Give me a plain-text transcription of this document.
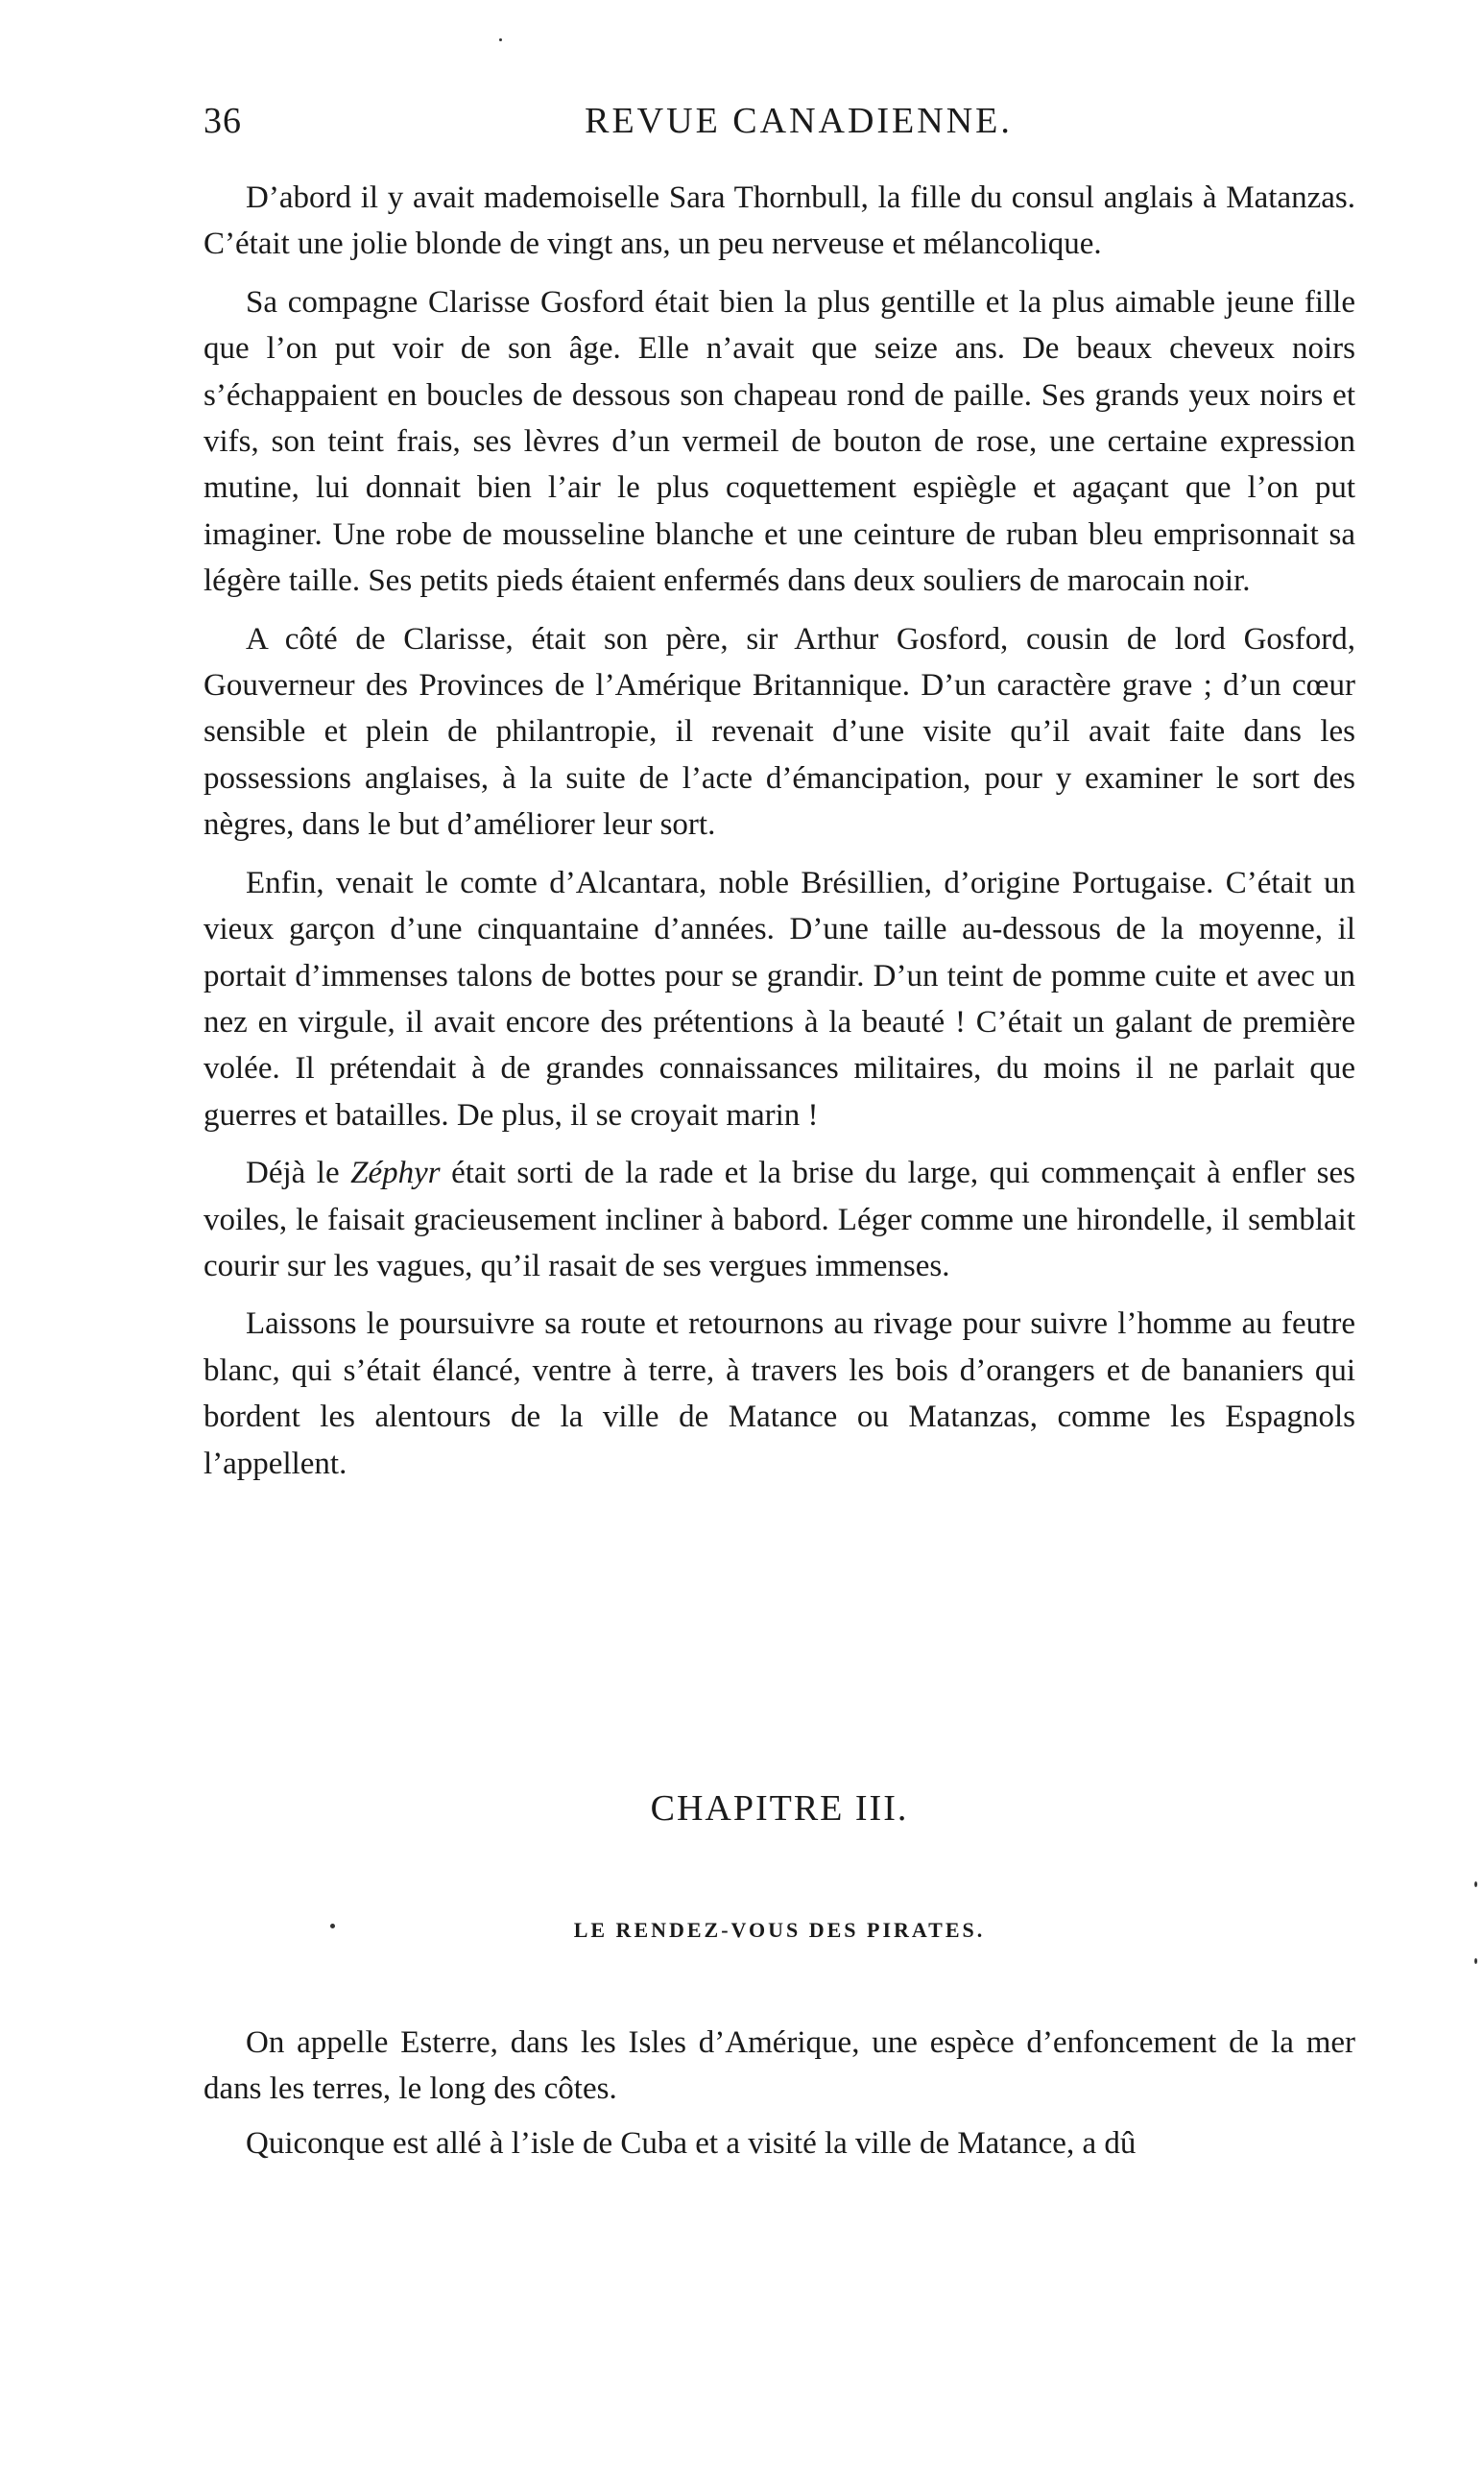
36	REVUE CANADIENNE.

D’abord il y avait mademoiselle Sara Thornbull, la fille du consul anglais à Matanzas. C’était une jolie blonde de vingt ans, un peu nerveuse et mélancolique.

Sa compagne Clarisse Gosford était bien la plus gentille et la plus aimable jeune fille que l’on put voir de son âge. Elle n’avait que seize ans. De beaux cheveux noirs s’échappaient en boucles de dessous son chapeau rond de paille. Ses grands yeux noirs et vifs, son teint frais, ses lèvres d’un vermeil de bouton de rose, une certaine expression mutine, lui donnait bien l’air le plus coquettement espiègle et agaçant que l’on put imaginer. Une robe de mousseline blanche et une ceinture de ruban bleu emprisonnait sa légère taille. Ses petits pieds étaient enfermés dans deux souliers de marocain noir.

A côté de Clarisse, était son père, sir Arthur Gosford, cousin de lord Gosford, Gouverneur des Provinces de l’Amérique Britannique. D’un caractère grave ; d’un cœur sensible et plein de philantropie, il revenait d’une visite qu’il avait faite dans les possessions anglaises, à la suite de l’acte d’émancipation, pour y examiner le sort des nègres, dans le but d’améliorer leur sort.

Enfin, venait le comte d’Alcantara, noble Brésillien, d’origine Portugaise. C’était un vieux garçon d’une cinquantaine d’années. D’une taille au-dessous de la moyenne, il portait d’immenses talons de bottes pour se grandir. D’un teint de pomme cuite et avec un nez en virgule, il avait encore des prétentions à la beauté ! C’était un galant de première volée. Il prétendait à de grandes connaissances militaires, du moins il ne parlait que guerres et batailles. De plus, il se croyait marin !

Déjà le Zéphyr était sorti de la rade et la brise du large, qui commençait à enfler ses voiles, le faisait gracieusement incliner à babord. Léger comme une hirondelle, il semblait courir sur les vagues, qu’il rasait de ses vergues immenses.

Laissons le poursuivre sa route et retournons au rivage pour suivre l’homme au feutre blanc, qui s’était élancé, ventre à terre, à travers les bois d’orangers et de bananiers qui bordent les alentours de la ville de Matance ou Matanzas, comme les Espagnols l’appellent.

CHAPITRE III.
LE RENDEZ-VOUS DES PIRATES.

On appelle Esterre, dans les Isles d’Amérique, une espèce d’enfoncement de la mer dans les terres, le long des côtes.

Quiconque est allé à l’isle de Cuba et a visité la ville de Matance, a dû
